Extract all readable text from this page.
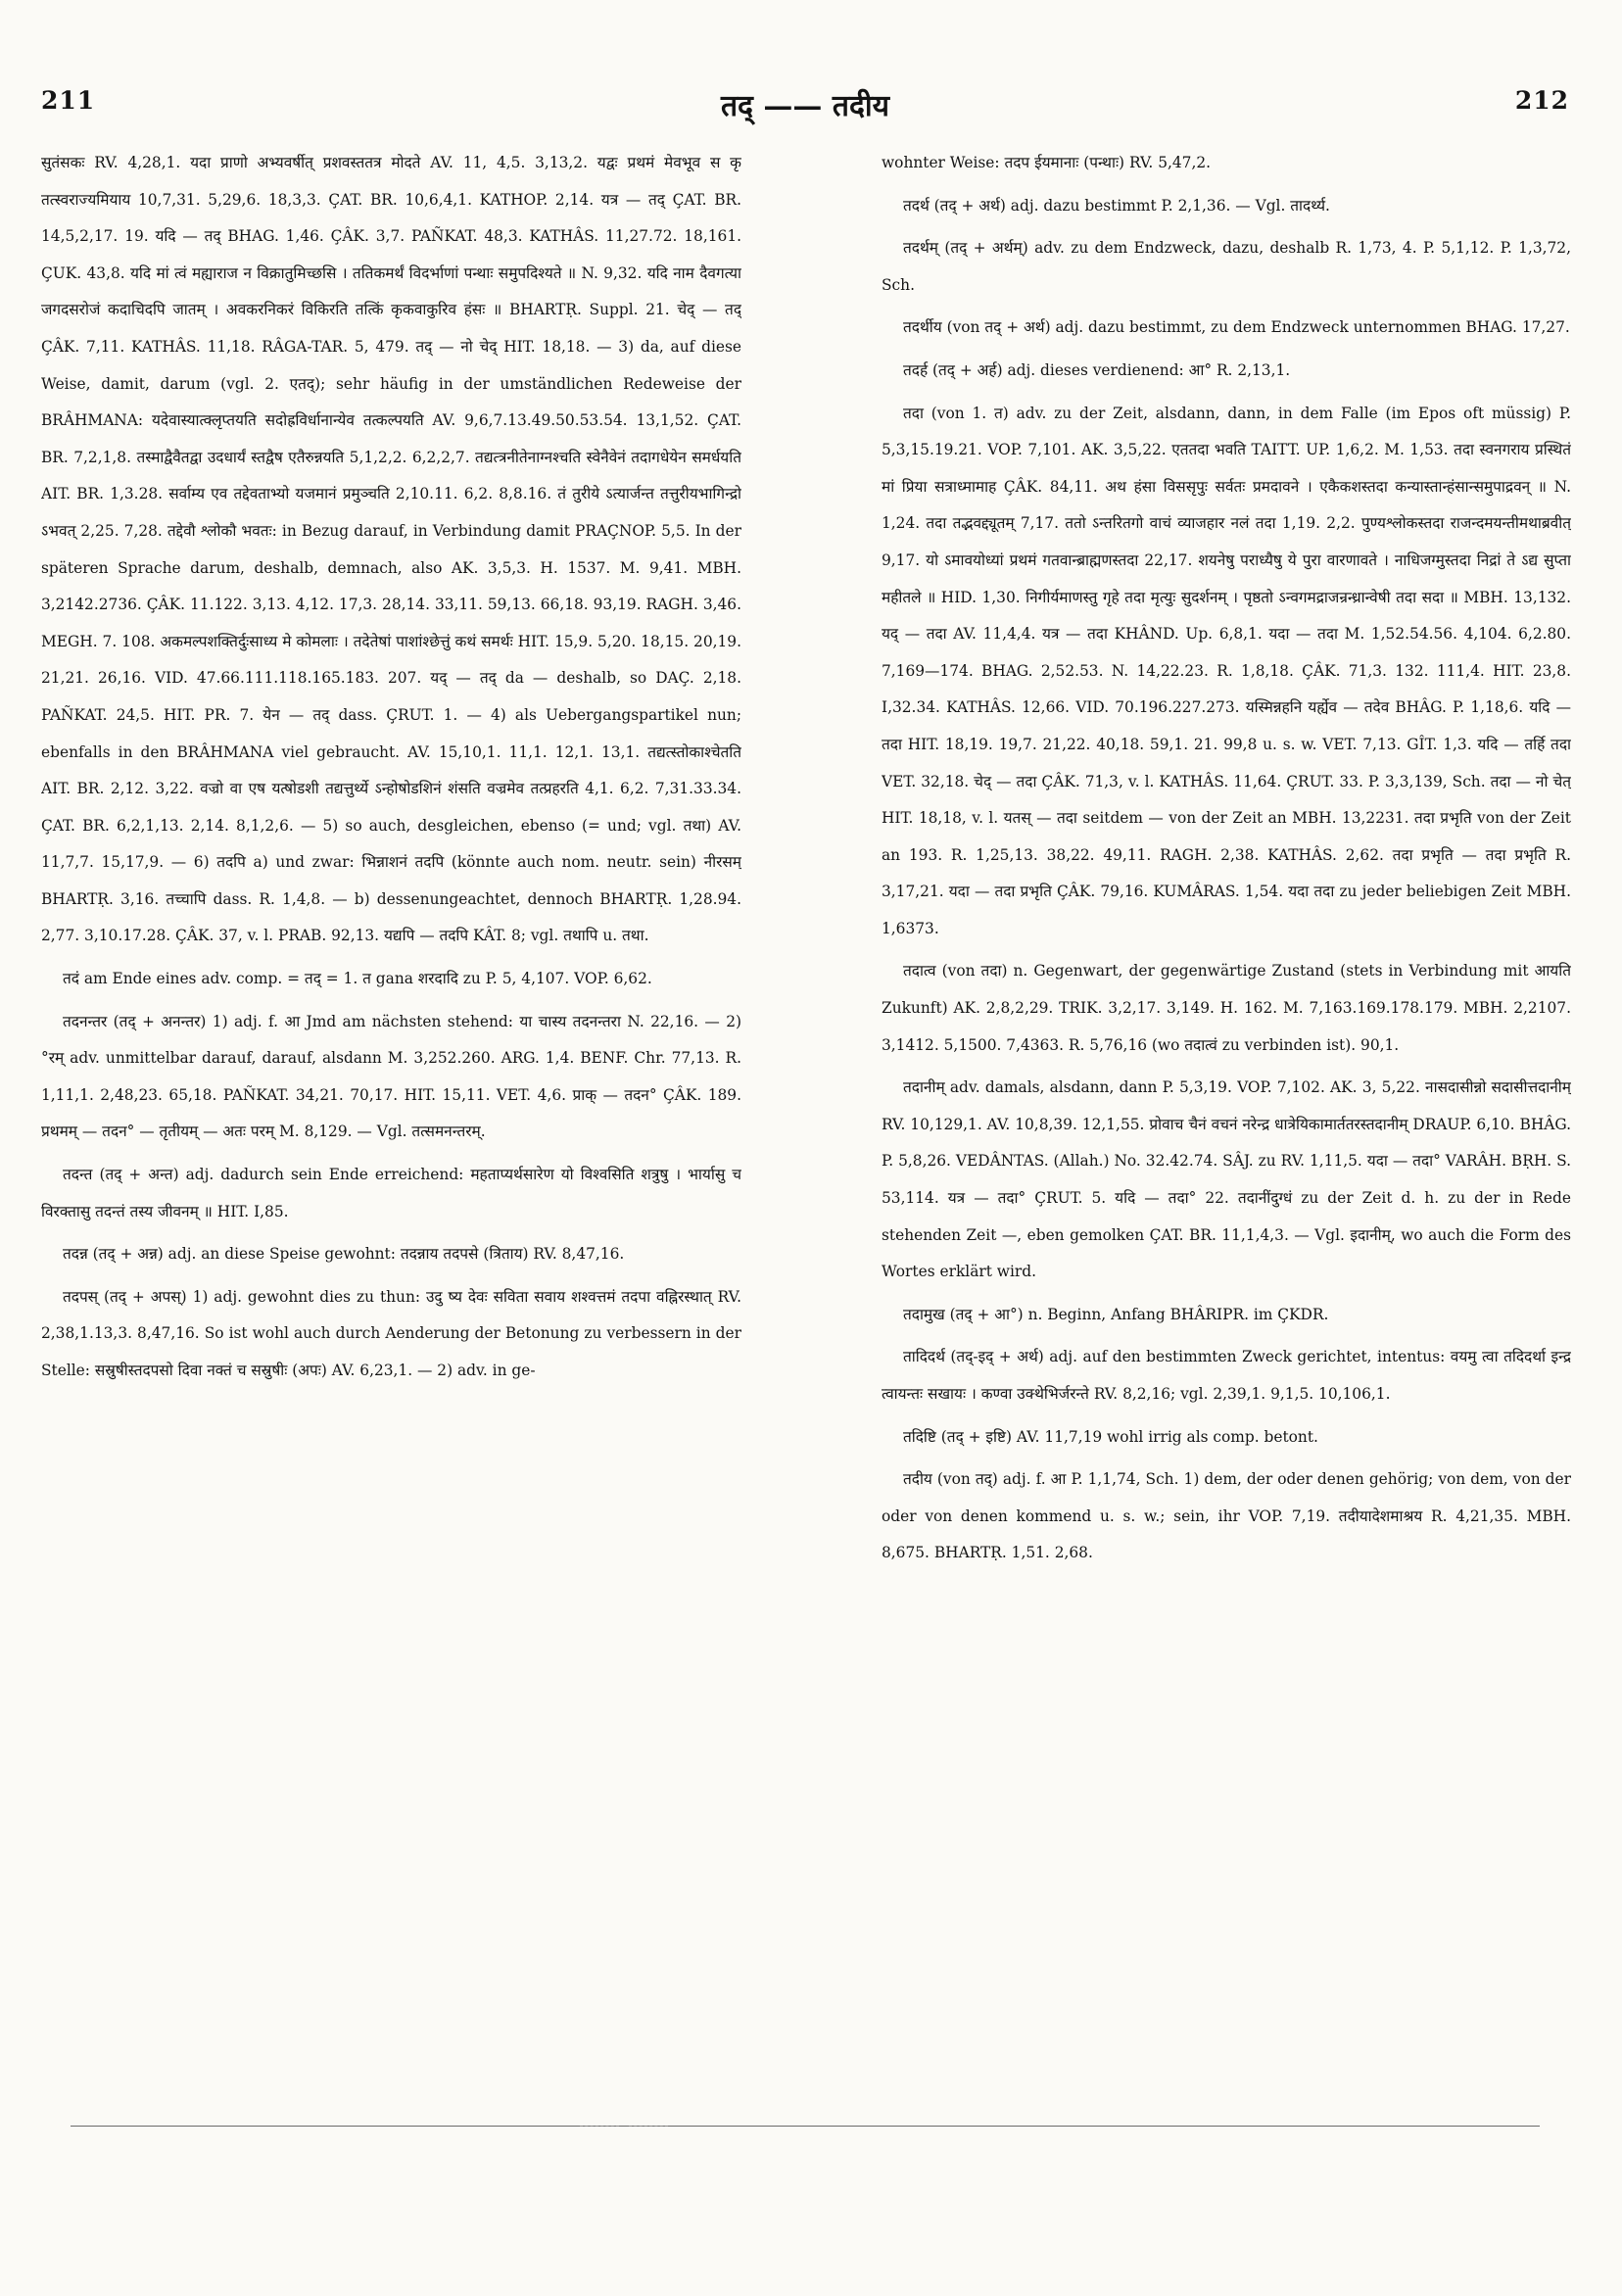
211	तद् —— तदीय	212

सुतंसकः RV. 4,28,1. यदा प्राणो अभ्यवर्षीत् प्रशवस्ततत्र मोदते AV. 11, 4,5. 3,13,2. यद्वः प्रथमं मेवभूव स कृ तत्स्वराज्यमियाय 10,7,31. 5,29,6. 18,3,3. ÇAT. BR. 10,6,4,1. KATHOP. 2,14. यत्र — तद् ÇAT. BR. 14,5,2,17. 19. यदि — तद् BHAG. 1,46. ÇÂK. 3,7. PAÑKAT. 48,3. KATHÂS. 11,27.72. 18,161. ÇUK. 43,8. यदि मां त्वं मह्याराज न विक्रातुमिच्छसि । ततिकमर्थं विदर्भाणां पन्थाः समुपदिश्यते ॥ N. 9,32. यदि नाम दैवगत्या जगदसरोजं कदाचिदपि जातम् । अवकरनिकरं विकिरति तत्किं कृकवाकुरिव हंसः ॥ BHARTṚ. Suppl. 21. चेद् — तद् ÇÂK. 7,11. KATHÂS. 11,18. RÂGA-TAR. 5, 479. तद् — नो चेद् HIT. 18,18. — 3) da, auf diese Weise, damit, darum (vgl. 2. एतद्); sehr häufig in der umständlichen Redeweise der BRÂHMANA: यदेवास्यात्क्लृप्तयति सदोह्रविर्धानान्येव तत्कल्पयति AV. 9,6,7.13.49.50.53.54. 13,1,52. ÇAT. BR. 7,2,1,8. तस्माद्वैवैतद्वा उदधार्यं स्तद्वैष एतैरुन्नयति 5,1,2,2. 6,2,2,7. तद्यत्त्रनीतेनाग्नश्चति स्वेनैवेनं तदागधेयेन समर्धयति AIT. BR. 1,3.28. सर्वाम्य एव तद्देवताभ्यो यजमानं प्रमुञ्चति 2,10.11. 6,2. 8,8.16. तं तुरीये ऽत्यार्जन्त तत्तुरीयभागिन्द्रो ऽभवत् 2,25. 7,28. तद्देवौ श्लोकौ भवतः: in Bezug darauf, in Verbindung damit PRAÇNOP. 5,5. In der späteren Sprache darum, deshalb, demnach, also AK. 3,5,3. H. 1537. M. 9,41. MBH. 3,2142.2736. ÇÂK. 11.122. 3,13. 4,12. 17,3. 28,14. 33,11. 59,13. 66,18. 93,19. RAGH. 3,46. MEGH. 7. 108. अकमल्पशक्तिर्दुःसाध्य मे कोमलाः । तदेतेषां पाशांश्छेत्तुं कथं समर्थः HIT. 15,9. 5,20. 18,15. 20,19. 21,21. 26,16. VID. 47.66.111.118.165.183. 207. यद् — तद् da — deshalb, so DAÇ. 2,18. PAÑKAT. 24,5. HIT. PR. 7. येन — तद् dass. ÇRUT. 1. — 4) als Uebergangspartikel nun; ebenfalls in den BRÂHMANA viel gebraucht. AV. 15,10,1. 11,1. 12,1. 13,1. तद्यत्स्तोकाश्चेतति AIT. BR. 2,12. 3,22. वज्रो वा एष यत्षोडशी तद्यत्तुर्थ्ये ऽन्होषोडशिनं शंसति वज्रमेव तत्प्रहरति 4,1. 6,2. 7,31.33.34. ÇAT. BR. 6,2,1,13. 2,14. 8,1,2,6. — 5) so auch, desgleichen, ebenso (= und; vgl. तथा) AV. 11,7,7. 15,17,9. — 6) तदपि a) und zwar: भिन्नाशनं तदपि (könnte auch nom. neutr. sein) नीरसम् BHARTṚ. 3,16. तच्चापि dass. R. 1,4,8. — b) dessenungeachtet, dennoch BHARTṚ. 1,28.94. 2,77. 3,10.17.28. ÇÂK. 37, v. l. PRAB. 92,13. यद्यपि — तदपि KÂT. 8; vgl. तथापि u. तथा.

तदं am Ende eines adv. comp. = तद् = 1. त gana शरदादि zu P. 5, 4,107. VOP. 6,62.

तदनन्तर (तद् + अनन्तर) 1) adj. f. आ Jmd am nächsten stehend: या चास्य तदनन्तरा N. 22,16. — 2) °रम् adv. unmittelbar darauf, darauf, alsdann M. 3,252.260. ARG. 1,4. BENF. Chr. 77,13. R. 1,11,1. 2,48,23. 65,18. PAÑKAT. 34,21. 70,17. HIT. 15,11. VET. 4,6. प्राक् — तदन° ÇÂK. 189. प्रथमम् — तदन° — तृतीयम् — अतः परम् M. 8,129. — Vgl. तत्समनन्तरम्.

तदन्त (तद् + अन्त) adj. dadurch sein Ende erreichend: महताप्यर्थसारेण यो विश्वसिति शत्रुषु । भार्यासु च विरक्तासु तदन्तं तस्य जीवनम् ॥ HIT. I,85.

तदन्न (तद् + अन्न) adj. an diese Speise gewohnt: तदन्नाय तदपसे (त्रिताय) RV. 8,47,16.

तदपस् (तद् + अपस्) 1) adj. gewohnt dies zu thun: उदु ष्य देवः सविता सवाय शश्वत्तमं तदपा वह्निरस्थात् RV. 2,38,1.13,3. 8,47,16. So ist wohl auch durch Aenderung der Betonung zu verbessern in der Stelle: सस्रुषीस्तदपसो दिवा नक्तं च सस्रुषीः (अपः) AV. 6,23,1. — 2) adv. in ge-

wohnter Weise: तदप ईयमानाः (पन्थाः) RV. 5,47,2.

तदर्थ (तद् + अर्थ) adj. dazu bestimmt P. 2,1,36. — Vgl. तादर्थ्य.

तदर्थम् (तद् + अर्थम्) adv. zu dem Endzweck, dazu, deshalb R. 1,73, 4. P. 5,1,12. P. 1,3,72, Sch.

तदर्थीय (von तद् + अर्थ) adj. dazu bestimmt, zu dem Endzweck unternommen BHAG. 17,27.

तदर्ह (तद् + अर्ह) adj. dieses verdienend: आ° R. 2,13,1.

तदा (von 1. त) adv. zu der Zeit, alsdann, dann, in dem Falle (im Epos oft müssig) P. 5,3,15.19.21. VOP. 7,101. AK. 3,5,22. एततदा भवति TAITT. UP. 1,6,2. M. 1,53. तदा स्वनगराय प्रस्थितं मां प्रिया सत्राध्मामाह ÇÂK. 84,11. अथ हंसा विससृपुः सर्वतः प्रमदावने । एकैकशस्तदा कन्यास्तान्हंसान्समुपाद्रवन् ॥ N. 1,24. तदा तद्भवद्द्यूतम् 7,17. ततो ऽन्तरितगो वाचं व्याजहार नलं तदा 1,19. 2,2. पुण्यश्लोकस्तदा राजन्दमयन्तीमथाब्रवीत् 9,17. यो ऽमावयोध्यां प्रथमं गतवान्ब्राह्मणस्तदा 22,17. शयनेषु पराध्यैषु ये पुरा वारणावते । नाधिजग्मुस्तदा निद्रां ते ऽद्य सुप्ता महीतले ॥ HID. 1,30. निगीर्यमाणस्तु गृहे तदा मृत्युः सुदर्शनम् । पृष्ठतो ऽन्वगमद्राजन्रन्ध्रान्वेषी तदा सदा ॥ MBH. 13,132. यद् — तदा AV. 11,4,4. यत्र — तदा KHÂND. Up. 6,8,1. यदा — तदा M. 1,52.54.56. 4,104. 6,2.80. 7,169—174. BHAG. 2,52.53. N. 14,22.23. R. 1,8,18. ÇÂK. 71,3. 132. 111,4. HIT. 23,8. I,32.34. KATHÂS. 12,66. VID. 70.196.227.273. यस्मिन्नहनि यर्ह्येव — तदेव BHÂG. P. 1,18,6. यदि — तदा HIT. 18,19. 19,7. 21,22. 40,18. 59,1. 21. 99,8 u. s. w. VET. 7,13. GÎT. 1,3. यदि — तर्हि तदा VET. 32,18. चेद् — तदा ÇÂK. 71,3, v. l. KATHÂS. 11,64. ÇRUT. 33. P. 3,3,139, Sch. तदा — नो चेत् HIT. 18,18, v. l. यतस् — तदा seitdem — von der Zeit an MBH. 13,2231. तदा प्रभृति von der Zeit an 193. R. 1,25,13. 38,22. 49,11. RAGH. 2,38. KATHÂS. 2,62. तदा प्रभृति — तदा प्रभृति R. 3,17,21. यदा — तदा प्रभृति ÇÂK. 79,16. KUMÂRAS. 1,54. यदा तदा zu jeder beliebigen Zeit MBH. 1,6373.

तदात्व (von तदा) n. Gegenwart, der gegenwärtige Zustand (stets in Verbindung mit आयति Zukunft) AK. 2,8,2,29. TRIK. 3,2,17. 3,149. H. 162. M. 7,163.169.178.179. MBH. 2,2107. 3,1412. 5,1500. 7,4363. R. 5,76,16 (wo तदात्वं zu verbinden ist). 90,1.

तदानीम् adv. damals, alsdann, dann P. 5,3,19. VOP. 7,102. AK. 3, 5,22. नासदासीन्नो सदासीत्तदानीम् RV. 10,129,1. AV. 10,8,39. 12,1,55. प्रोवाच चैनं वचनं नरेन्द्र धात्रेयिकामार्ततरस्तदानीम् DRAUP. 6,10. BHÂG. P. 5,8,26. VEDÂNTAS. (Allah.) No. 32.42.74. SÂJ. zu RV. 1,11,5. यदा — तदा° VARÂH. BṚH. S. 53,114. यत्र — तदा° ÇRUT. 5. यदि — तदा° 22. तदानींदुग्धं zu der Zeit d. h. zu der in Rede stehenden Zeit —, eben gemolken ÇAT. BR. 11,1,4,3. — Vgl. इदानीम्, wo auch die Form des Wortes erklärt wird.

तदामुख (तद् + आ°) n. Beginn, Anfang BHÂRIPR. im ÇKDR.

तादिदर्थ (तद्-इद् + अर्थ) adj. auf den bestimmten Zweck gerichtet, intentus: वयमु त्वा तदिदर्था इन्द्र त्वायन्तः सखायः । कण्वा उक्थेभिर्जरन्ते RV. 8,2,16; vgl. 2,39,1. 9,1,5. 10,106,1.

तदिष्टि (तद् + इष्टि) AV. 11,7,19 wohl irrig als comp. betont.

तदीय (von तद्) adj. f. आ P. 1,1,74, Sch. 1) dem, der oder denen gehörig; von dem, von der oder von denen kommend u. s. w.; sein, ihr VOP. 7,19. तदीयादेशमाश्रय R. 4,21,35. MBH. 8,675. BHARTṚ. 1,51. 2,68.
